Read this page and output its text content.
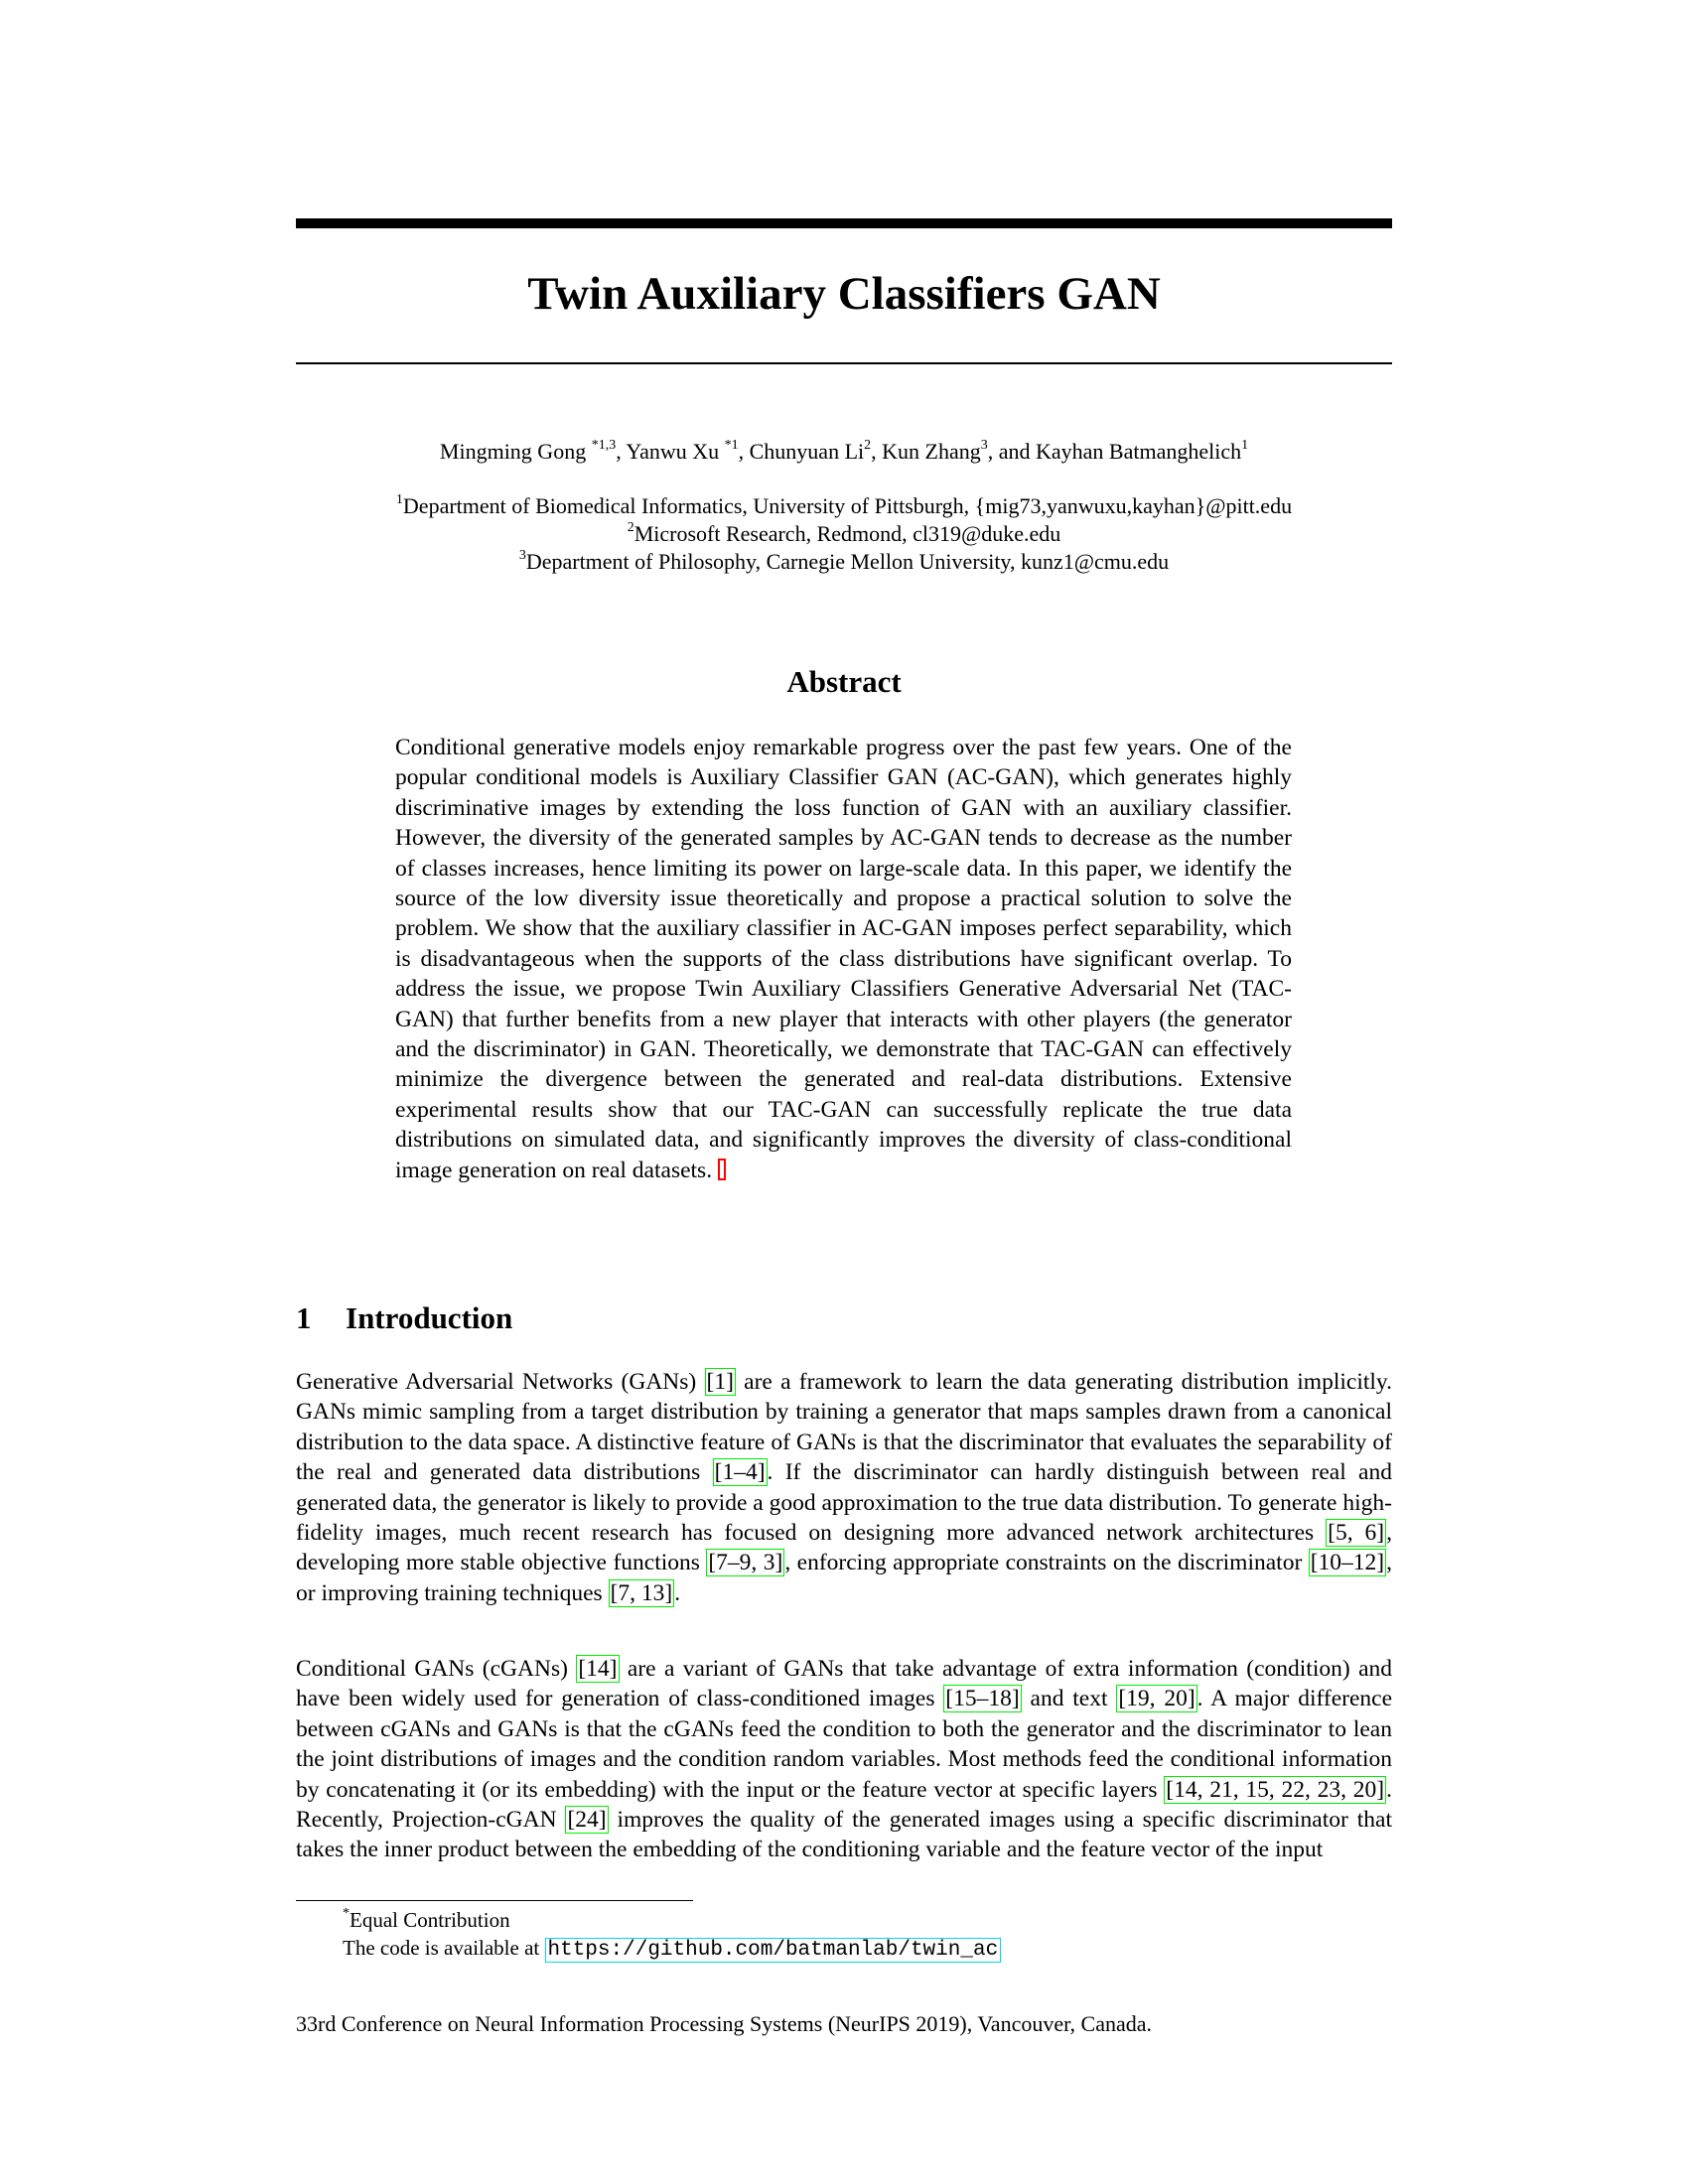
Twin Auxiliary Classifiers GAN
Mingming Gong $^{*1,3}$, Yanwu Xu $^{*1}$, Chunyuan Li$^2$, Kun Zhang$^3$, and Kayhan Batmanghelich$^1$
$^1$Department of Biomedical Informatics, University of Pittsburgh, {mig73,yanwuxu,kayhan}@pitt.edu
$^2$Microsoft Research, Redmond, cl319@duke.edu
$^3$Department of Philosophy, Carnegie Mellon University, kunz1@cmu.edu
Abstract
Conditional generative models enjoy remarkable progress over the past few years. One of the popular conditional models is Auxiliary Classifier GAN (AC-GAN), which generates highly discriminative images by extending the loss function of GAN with an auxiliary classifier. However, the diversity of the generated samples by AC-GAN tends to decrease as the number of classes increases, hence limiting its power on large-scale data. In this paper, we identify the source of the low diversity issue theoretically and propose a practical solution to solve the problem. We show that the auxiliary classifier in AC-GAN imposes perfect separability, which is disadvantageous when the supports of the class distributions have significant overlap. To address the issue, we propose Twin Auxiliary Classifiers Generative Adversarial Net (TAC-GAN) that further benefits from a new player that interacts with other players (the generator and the discriminator) in GAN. Theoretically, we demonstrate that TAC-GAN can effectively minimize the divergence between the generated and real-data distributions. Extensive experimental results show that our TAC-GAN can successfully replicate the true data distributions on simulated data, and significantly improves the diversity of class-conditional image generation on real datasets.
1 Introduction

Generative Adversarial Networks (GANs) [1] are a framework to learn the data generating distribution implicitly. GANs mimic sampling from a target distribution by training a generator that maps samples drawn from a canonical distribution to the data space. A distinctive feature of GANs is that the discriminator that evaluates the separability of the real and generated data distributions [1–4]. If the discriminator can hardly distinguish between real and generated data, the generator is likely to provide a good approximation to the true data distribution. To generate high-fidelity images, much recent research has focused on designing more advanced network architectures [5, 6], developing more stable objective functions [7–9, 3], enforcing appropriate constraints on the discriminator [10–12], or improving training techniques [7, 13].

Conditional GANs (cGANs) [14] are a variant of GANs that take advantage of extra information (condition) and have been widely used for generation of class-conditioned images [15–18] and text [19, 20]. A major difference between cGANs and GANs is that the cGANs feed the condition to both the generator and the discriminator to lean the joint distributions of images and the condition random variables. Most methods feed the conditional information by concatenating it (or its embedding) with the input or the feature vector at specific layers [14, 21, 15, 22, 23, 20]. Recently, Projection-cGAN [24] improves the quality of the generated images using a specific discriminator that takes the inner product between the embedding of the conditioning variable and the feature vector of the input

*Equal Contribution
The code is available at https://github.com/batmanlab/twin_ac
33rd Conference on Neural Information Processing Systems (NeurIPS 2019), Vancouver, Canada.
